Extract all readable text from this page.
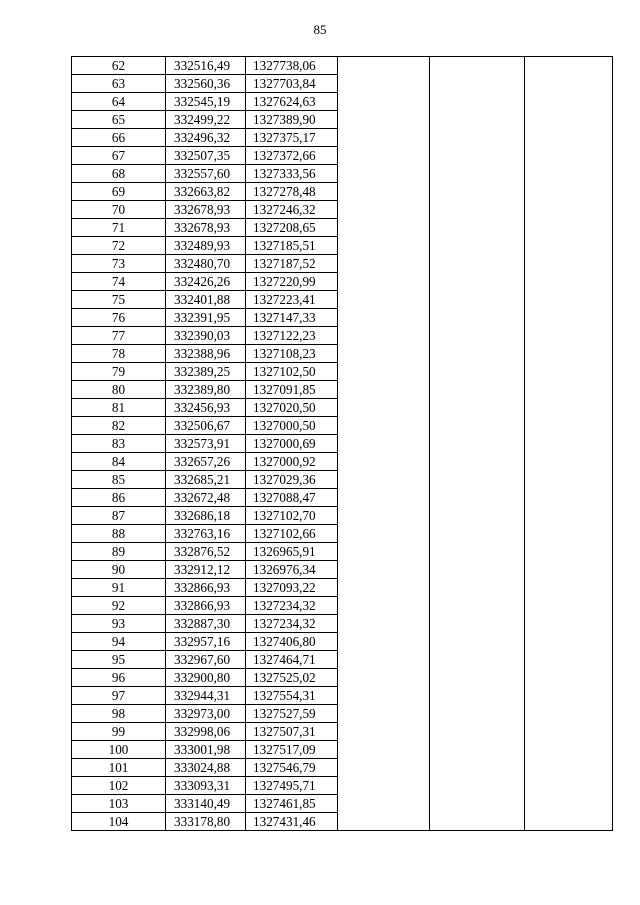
85
62	332516,49	1327738,06			
63	332560,36	1327703,84			
64	332545,19	1327624,63			
65	332499,22	1327389,90			
66	332496,32	1327375,17			
67	332507,35	1327372,66			
68	332557,60	1327333,56			
69	332663,82	1327278,48			
70	332678,93	1327246,32			
71	332678,93	1327208,65			
72	332489,93	1327185,51			
73	332480,70	1327187,52			
74	332426,26	1327220,99			
75	332401,88	1327223,41			
76	332391,95	1327147,33			
77	332390,03	1327122,23			
78	332388,96	1327108,23			
79	332389,25	1327102,50			
80	332389,80	1327091,85			
81	332456,93	1327020,50			
82	332506,67	1327000,50			
83	332573,91	1327000,69			
84	332657,26	1327000,92			
85	332685,21	1327029,36			
86	332672,48	1327088,47			
87	332686,18	1327102,70			
88	332763,16	1327102,66			
89	332876,52	1326965,91			
90	332912,12	1326976,34			
91	332866,93	1327093,22			
92	332866,93	1327234,32			
93	332887,30	1327234,32			
94	332957,16	1327406,80			
95	332967,60	1327464,71			
96	332900,80	1327525,02			
97	332944,31	1327554,31			
98	332973,00	1327527,59			
99	332998,06	1327507,31			
100	333001,98	1327517,09			
101	333024,88	1327546,79			
102	333093,31	1327495,71			
103	333140,49	1327461,85			
104	333178,80	1327431,46			
